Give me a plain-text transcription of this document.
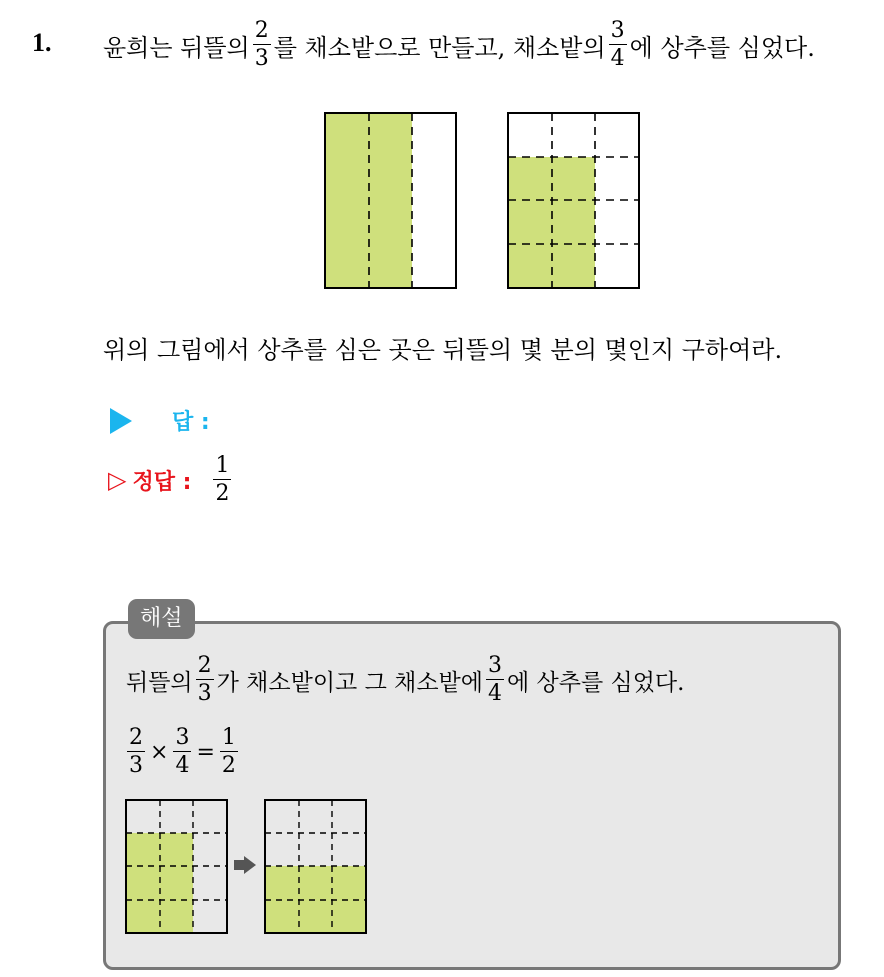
1. 윤희는 뒤뜰의 $\frac{2}{3}$ 를 채소밭으로 만들고, 채소밭의 $\frac{3}{4}$ 에 상추를 심었다.
위의 그림에서 상추를 심은 곳은 뒤뜰의 몇 분의 몇인지 구하여라.
답 :
▷ 정답 : $\frac{1}{2}$
해설
뒤뜰의 $\frac{2}{3}$ 가 채소밭이고 그 채소밭에 $\frac{3}{4}$ 에 상추를 심었다.
$\frac{2}{3} \times \frac{3}{4} = \frac{1}{2}$
